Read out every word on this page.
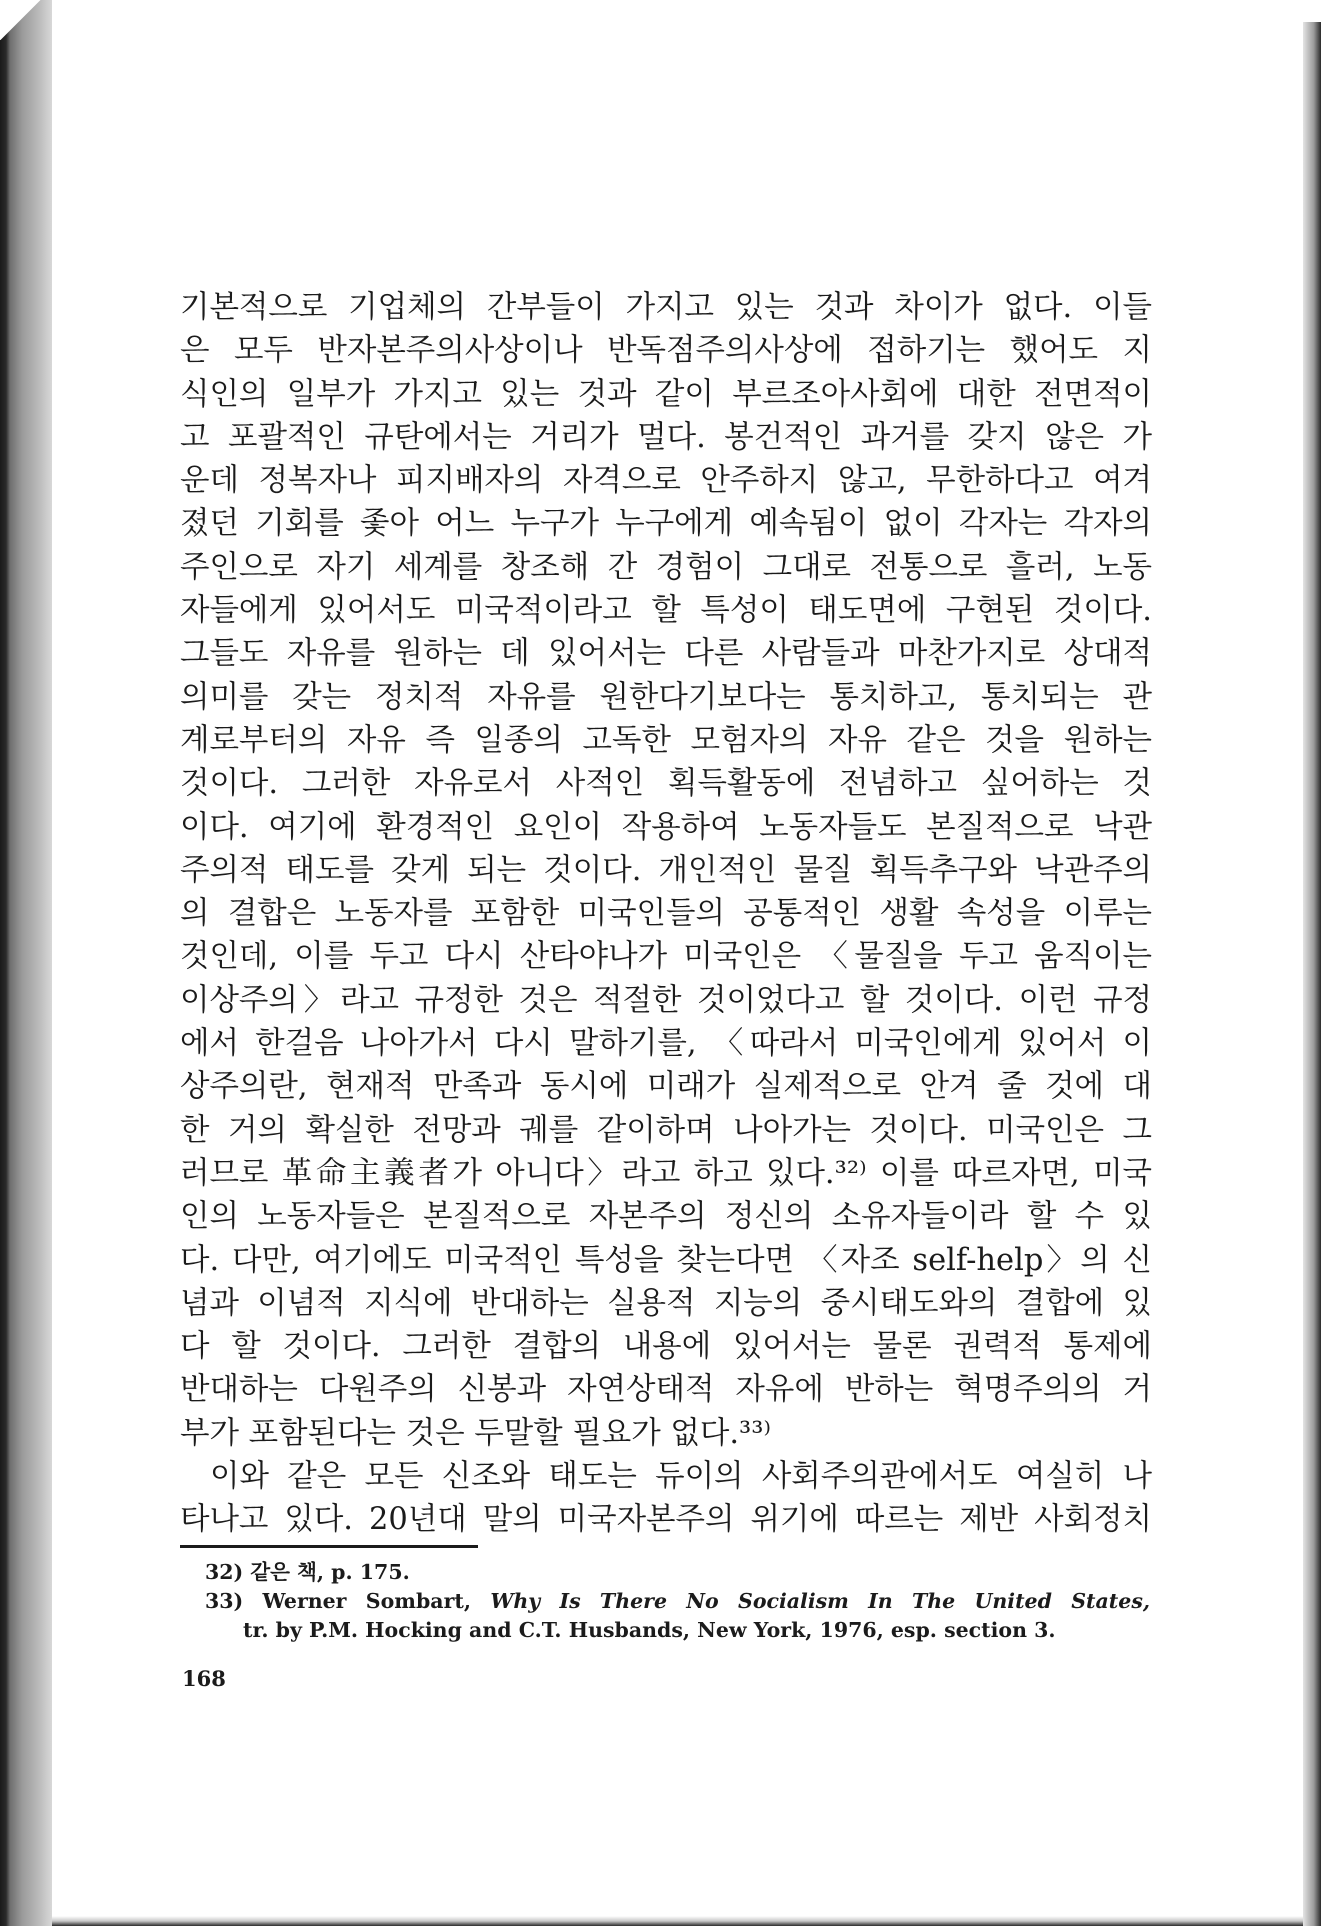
기본적으로 기업체의 간부들이 가지고 있는 것과 차이가 없다. 이들
은 모두 반자본주의사상이나 반독점주의사상에 접하기는 했어도 지
식인의 일부가 가지고 있는 것과 같이 부르조아사회에 대한 전면적이
고 포괄적인 규탄에서는 거리가 멀다. 봉건적인 과거를 갖지 않은 가
운데 정복자나 피지배자의 자격으로 안주하지 않고, 무한하다고 여겨
졌던 기회를 좇아 어느 누구가 누구에게 예속됨이 없이 각자는 각자의
주인으로 자기 세계를 창조해 간 경험이 그대로 전통으로 흘러, 노동
자들에게 있어서도 미국적이라고 할 특성이 태도면에 구현된 것이다.
그들도 자유를 원하는 데 있어서는 다른 사람들과 마찬가지로 상대적
의미를 갖는 정치적 자유를 원한다기보다는 통치하고, 통치되는 관
계로부터의 자유 즉 일종의 고독한 모험자의 자유 같은 것을 원하는
것이다. 그러한 자유로서 사적인 획득활동에 전념하고 싶어하는 것
이다. 여기에 환경적인 요인이 작용하여 노동자들도 본질적으로 낙관
주의적 태도를 갖게 되는 것이다. 개인적인 물질 획득추구와 낙관주의
의 결합은 노동자를 포함한 미국인들의 공통적인 생활 속성을 이루는
것인데, 이를 두고 다시 산타야나가 미국인은 〈물질을 두고 움직이는
이상주의〉라고 규정한 것은 적절한 것이었다고 할 것이다. 이런 규정
에서 한걸음 나아가서 다시 말하기를, 〈따라서 미국인에게 있어서 이
상주의란, 현재적 만족과 동시에 미래가 실제적으로 안겨 줄 것에 대
한 거의 확실한 전망과 궤를 같이하며 나아가는 것이다. 미국인은 그
러므로 革命主義者가 아니다〉라고 하고 있다.³²⁾ 이를 따르자면, 미국
인의 노동자들은 본질적으로 자본주의 정신의 소유자들이라 할 수 있
다. 다만, 여기에도 미국적인 특성을 찾는다면 〈자조 self-help〉의 신
념과 이념적 지식에 반대하는 실용적 지능의 중시태도와의 결합에 있
다 할 것이다. 그러한 결합의 내용에 있어서는 물론 권력적 통제에
반대하는 다원주의 신봉과 자연상태적 자유에 반하는 혁명주의의 거
부가 포함된다는 것은 두말할 필요가 없다.³³⁾
이와 같은 모든 신조와 태도는 듀이의 사회주의관에서도 여실히 나
타나고 있다. 20년대 말의 미국자본주의 위기에 따르는 제반 사회정치
32) 같은 책, p. 175.
33) Werner Sombart, Why Is There No Socialism In The United States,
tr. by P.M. Hocking and C.T. Husbands, New York, 1976, esp. section 3.
168
